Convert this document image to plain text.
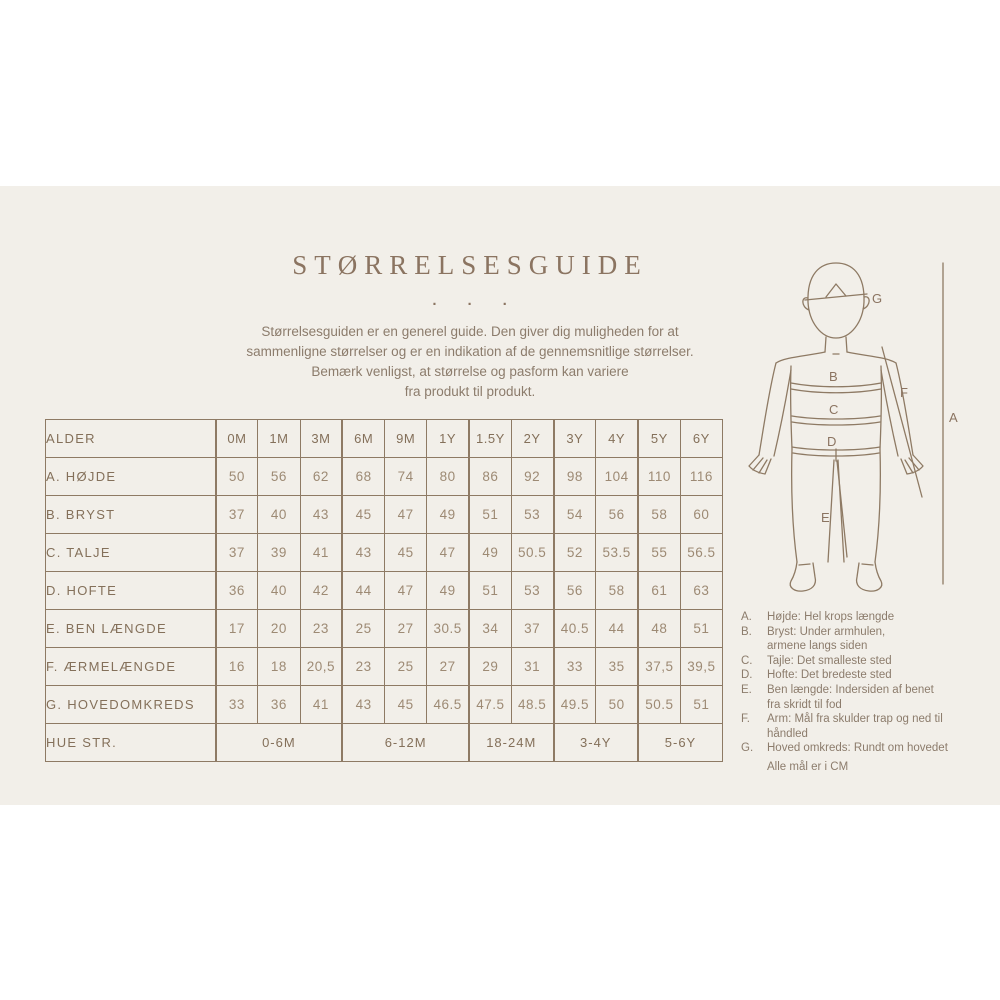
STØRRELSESGUIDE
· · ·
Størrelsesguiden er en generel guide. Den giver dig muligheden for at
sammenligne størrelser og er en indikation af de gennemsnitlige størrelser.
Bemærk venligst, at størrelse og pasform kan variere
fra produkt til produkt.
ALDER	0M	1M	3M	6M	9M	1Y	1.5Y	2Y	3Y	4Y	5Y	6Y
A. HØJDE	50	56	62	68	74	80	86	92	98	104	110	116
B. BRYST	37	40	43	45	47	49	51	53	54	56	58	60
C. TALJE	37	39	41	43	45	47	49	50.5	52	53.5	55	56.5
D. HOFTE	36	40	42	44	47	49	51	53	56	58	61	63
E. BEN LÆNGDE	17	20	23	25	27	30.5	34	37	40.5	44	48	51
F. ÆRMELÆNGDE	16	18	20,5	23	25	27	29	31	33	35	37,5	39,5
G. HOVEDOMKREDS	33	36	41	43	45	46.5	47.5	48.5	49.5	50	50.5	51
HUE STR.	0-6M			6-12M			18-24M		3-4Y		5-6Y	
G
B
C
D
E
F
A
A.	Højde: Hel krops længde
B.	Bryst: Under armhulen,
armene langs siden
C.	Tajle: Det smalleste sted
D.	Hofte: Det bredeste sted
E.	Ben længde: Indersiden af benet
fra skridt til fod
F.	Arm: Mål fra skulder trap og ned til
håndled
G.	Hoved omkreds: Rundt om hovedet
Alle mål er i CM
